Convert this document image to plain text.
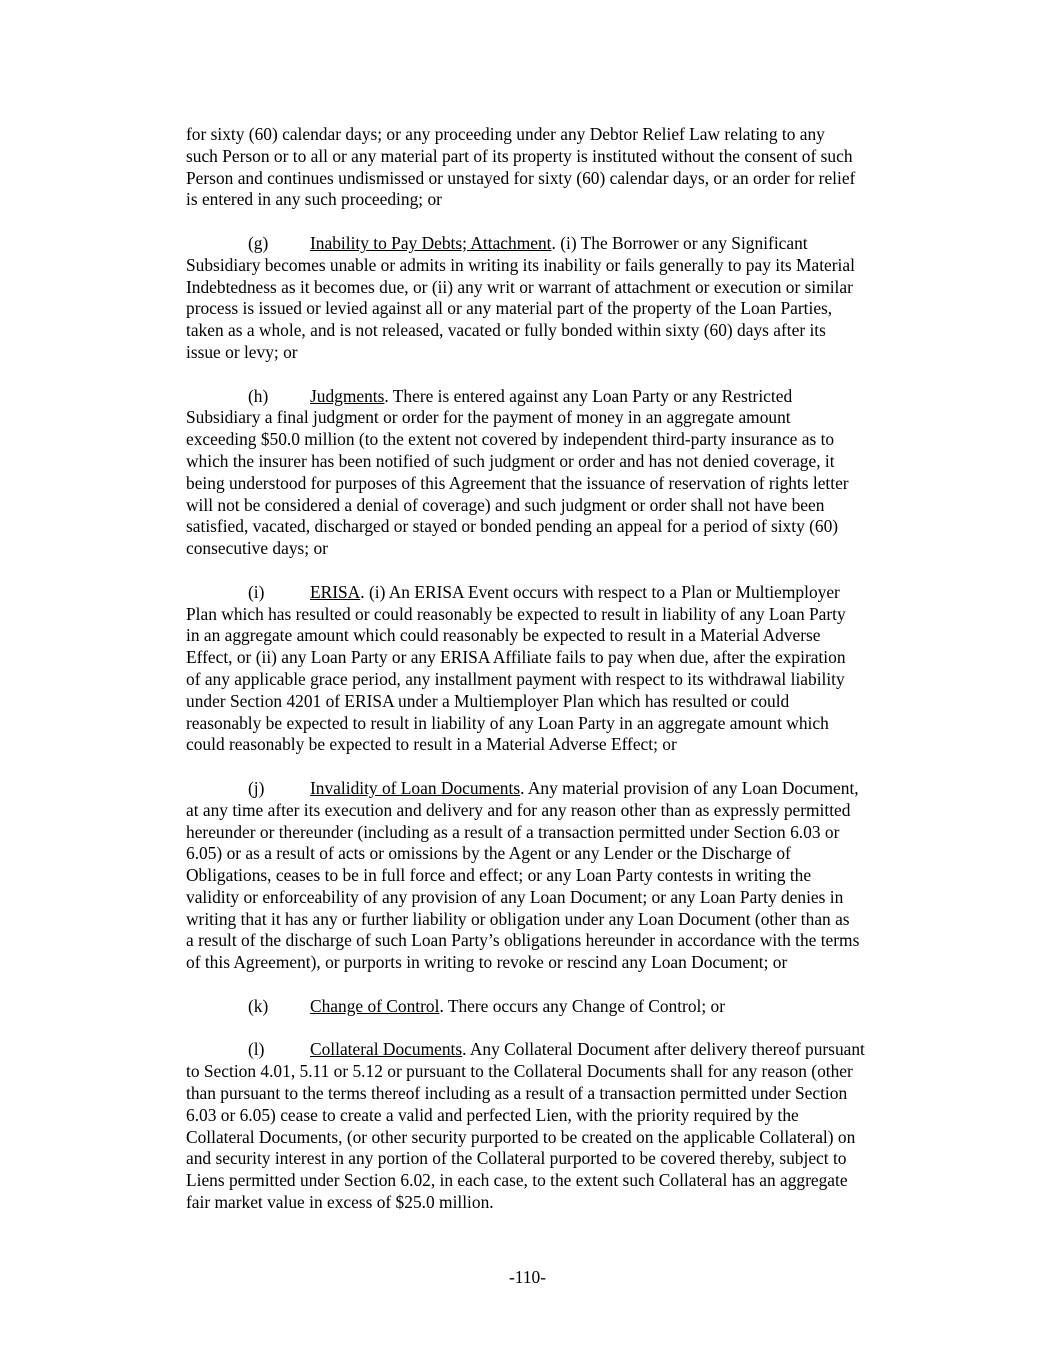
for sixty (60) calendar days; or any proceeding under any Debtor Relief Law relating to any
such Person or to all or any material part of its property is instituted without the consent of such
Person and continues undismissed or unstayed for sixty (60) calendar days, or an order for relief
is entered in any such proceeding; or

(g) Inability to Pay Debts; Attachment. (i) The Borrower or any Significant
Subsidiary becomes unable or admits in writing its inability or fails generally to pay its Material
Indebtedness as it becomes due, or (ii) any writ or warrant of attachment or execution or similar
process is issued or levied against all or any material part of the property of the Loan Parties,
taken as a whole, and is not released, vacated or fully bonded within sixty (60) days after its
issue or levy; or

(h) Judgments. There is entered against any Loan Party or any Restricted
Subsidiary a final judgment or order for the payment of money in an aggregate amount
exceeding $50.0 million (to the extent not covered by independent third-party insurance as to
which the insurer has been notified of such judgment or order and has not denied coverage, it
being understood for purposes of this Agreement that the issuance of reservation of rights letter
will not be considered a denial of coverage) and such judgment or order shall not have been
satisfied, vacated, discharged or stayed or bonded pending an appeal for a period of sixty (60)
consecutive days; or

(i)	ERISA. (i) An ERISA Event occurs with respect to a Plan or Multiemployer
Plan which has resulted or could reasonably be expected to result in liability of any Loan Party
in an aggregate amount which could reasonably be expected to result in a Material Adverse
Effect, or (ii) any Loan Party or any ERISA Affiliate fails to pay when due, after the expiration
of any applicable grace period, any installment payment with respect to its withdrawal liability
under Section 4201 of ERISA under a Multiemployer Plan which has resulted or could
reasonably be expected to result in liability of any Loan Party in an aggregate amount which
could reasonably be expected to result in a Material Adverse Effect; or

(j)	Invalidity of Loan Documents. Any material provision of any Loan Document,
at any time after its execution and delivery and for any reason other than as expressly permitted
hereunder or thereunder (including as a result of a transaction permitted under Section 6.03 or
6.05) or as a result of acts or omissions by the Agent or any Lender or the Discharge of
Obligations, ceases to be in full force and effect; or any Loan Party contests in writing the
validity or enforceability of any provision of any Loan Document; or any Loan Party denies in
writing that it has any or further liability or obligation under any Loan Document (other than as
a result of the discharge of such Loan Party’s obligations hereunder in accordance with the terms
of this Agreement), or purports in writing to revoke or rescind any Loan Document; or

(k) Change of Control. There occurs any Change of Control; or

(l)	Collateral Documents. Any Collateral Document after delivery thereof pursuant
to Section 4.01, 5.11 or 5.12 or pursuant to the Collateral Documents shall for any reason (other
than pursuant to the terms thereof including as a result of a transaction permitted under Section
6.03 or 6.05) cease to create a valid and perfected Lien, with the priority required by the
Collateral Documents, (or other security purported to be created on the applicable Collateral) on
and security interest in any portion of the Collateral purported to be covered thereby, subject to
Liens permitted under Section 6.02, in each case, to the extent such Collateral has an aggregate
fair market value in excess of $25.0 million.

-110-
